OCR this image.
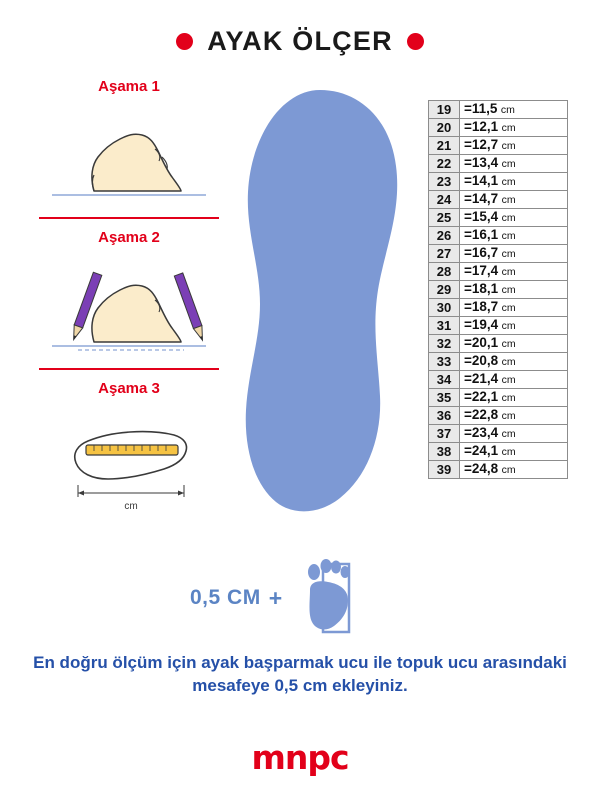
AYAK ÖLÇER
Aşama 1
Aşama 2
Aşama 3
cm
19	=11,5 cm
20	=12,1 cm
21	=12,7 cm
22	=13,4 cm
23	=14,1 cm
24	=14,7 cm
25	=15,4 cm
26	=16,1 cm
27	=16,7 cm
28	=17,4 cm
29	=18,1 cm
30	=18,7 cm
31	=19,4 cm
32	=20,1 cm
33	=20,8 cm
34	=21,4 cm
35	=22,1 cm
36	=22,8 cm
37	=23,4 cm
38	=24,1 cm
39	=24,8 cm
0,5 CM +
En doğru ölçüm için ayak başparmak ucu ile topuk ucu arasındaki mesafeye 0,5 cm ekleyiniz.
mnpc
